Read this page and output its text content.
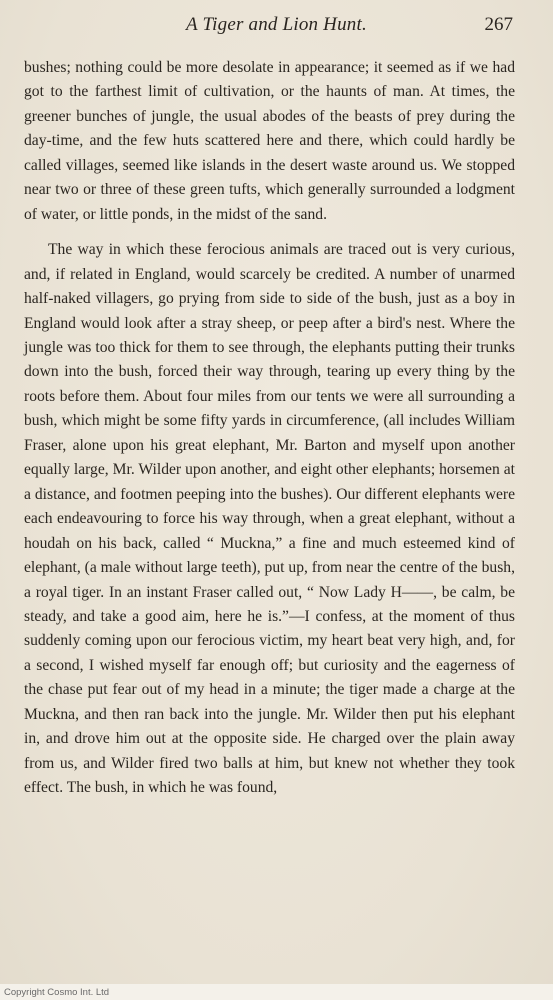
A Tiger and Lion Hunt.	267

bushes; nothing could be more desolate in appearance; it seemed as if we had got to the farthest limit of cultivation, or the haunts of man. At times, the greener bunches of jungle, the usual abodes of the beasts of prey during the day-time, and the few huts scattered here and there, which could hardly be called villages, seemed like islands in the desert waste around us. We stopped near two or three of these green tufts, which generally surrounded a lodgment of water, or little ponds, in the midst of the sand.

The way in which these ferocious animals are traced out is very curious, and, if related in England, would scarcely be credited. A number of unarmed half-naked villagers, go prying from side to side of the bush, just as a boy in England would look after a stray sheep, or peep after a bird's nest. Where the jungle was too thick for them to see through, the elephants putting their trunks down into the bush, forced their way through, tearing up every thing by the roots before them. About four miles from our tents we were all surrounding a bush, which might be some fifty yards in circumference, (all includes William Fraser, alone upon his great elephant, Mr. Barton and myself upon another equally large, Mr. Wilder upon another, and eight other elephants; horsemen at a distance, and footmen peeping into the bushes). Our different elephants were each endeavouring to force his way through, when a great elephant, without a houdah on his back, called “ Muckna,” a fine and much esteemed kind of elephant, (a male without large teeth), put up, from near the centre of the bush, a royal tiger. In an instant Fraser called out, “ Now Lady H——, be calm, be steady, and take a good aim, here he is.”—I confess, at the moment of thus suddenly coming upon our ferocious victim, my heart beat very high, and, for a second, I wished myself far enough off; but curiosity and the eagerness of the chase put fear out of my head in a minute; the tiger made a charge at the Muckna, and then ran back into the jungle. Mr. Wilder then put his elephant in, and drove him out at the opposite side. He charged over the plain away from us, and Wilder fired two balls at him, but knew not whether they took effect. The bush, in which he was found,

Copyright Cosmo Int. Ltd
